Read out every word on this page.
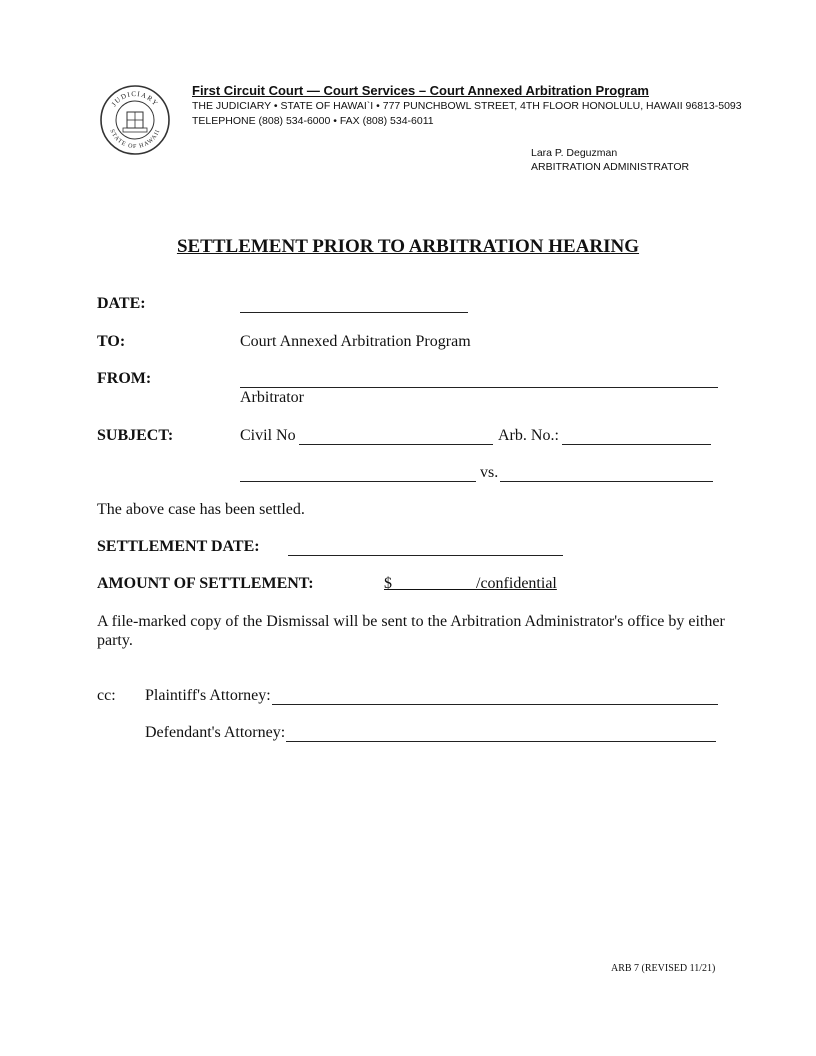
JUDICIARY
STATE OF HAWAII
First Circuit Court — Court Services – Court Annexed Arbitration Program
THE JUDICIARY • STATE OF HAWAI`I • 777 PUNCHBOWL STREET, 4TH FLOOR HONOLULU, HAWAII 96813-5093
TELEPHONE (808) 534-6000 • FAX (808) 534-6011
Lara P. Deguzman
ARBITRATION ADMINISTRATOR
SETTLEMENT PRIOR TO ARBITRATION HEARING
DATE:
TO:	Court Annexed Arbitration Program
FROM:
Arbitrator
SUBJECT:	Civil No	Arb. No.:
vs.
The above case has been settled.
SETTLEMENT DATE:
AMOUNT OF SETTLEMENT:	$                     /confidential
A file-marked copy of the Dismissal will be sent to the Arbitration Administrator's office by either
party.
cc: Plaintiff's Attorney:
Defendant's Attorney:
ARB 7 (REVISED 11/21)
